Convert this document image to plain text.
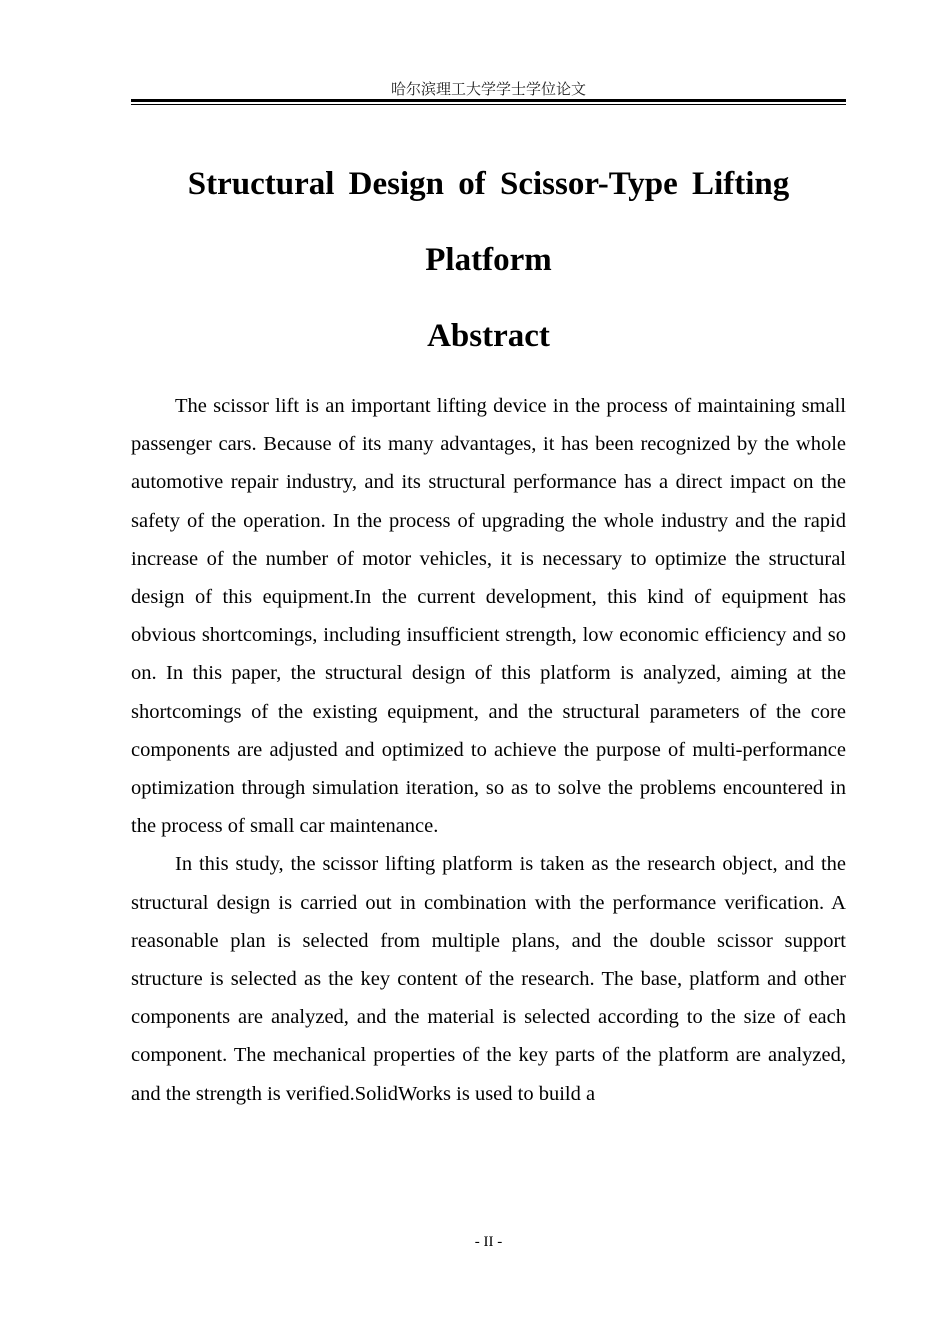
哈尔滨理工大学学士学位论文
Structural Design of Scissor-Type Lifting Platform
Abstract

The scissor lift is an important lifting device in the process of maintaining small passenger cars. Because of its many advantages, it has been recognized by the whole automotive repair industry, and its structural performance has a direct impact on the safety of the operation. In the process of upgrading the whole industry and the rapid increase of the number of motor vehicles, it is necessary to optimize the structural design of this equipment.In the current development, this kind of equipment has obvious shortcomings, including insufficient strength, low economic efficiency and so on. In this paper, the structural design of this platform is analyzed, aiming at the shortcomings of the existing equipment, and the structural parameters of the core components are adjusted and optimized to achieve the purpose of multi-performance optimization through simulation iteration, so as to solve the problems encountered in the process of small car maintenance.

In this study, the scissor lifting platform is taken as the research object, and the structural design is carried out in combination with the performance verification. A reasonable plan is selected from multiple plans, and the double scissor support structure is selected as the key content of the research. The base, platform and other components are analyzed, and the material is selected according to the size of each component. The mechanical properties of the key parts of the platform are analyzed, and the strength is verified.SolidWorks is used to build a

- II -
